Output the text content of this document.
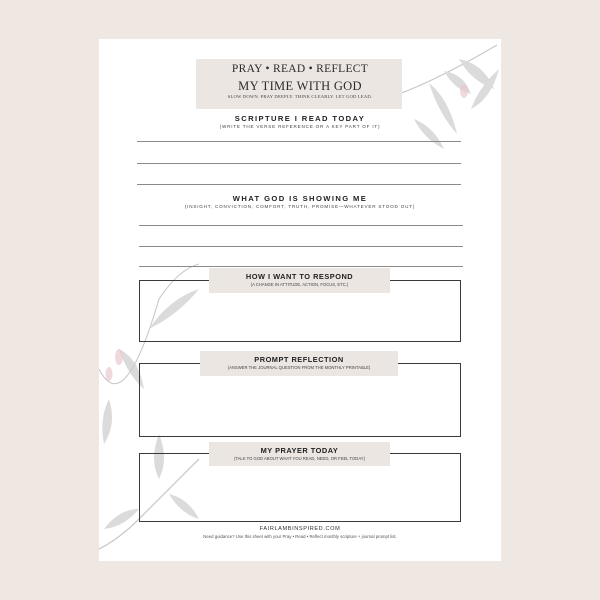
PRAY • READ • REFLECT
MY TIME WITH GOD
SLOW DOWN. PRAY DEEPLY. THINK CLEARLY. LET GOD LEAD.
SCRIPTURE I READ TODAY
(WRITE THE VERSE REFERENCE OR A KEY PART OF IT)
WHAT GOD IS SHOWING ME
(INSIGHT, CONVICTION, COMFORT, TRUTH, PROMISE—WHATEVER STOOD OUT)
HOW I WANT TO RESPOND
(A CHANGE IN ATTITUDE, ACTION, FOCUS, ETC.)
PROMPT REFLECTION
(ANSWER THE JOURNAL QUESTION FROM THE MONTHLY PRINTABLE)
MY PRAYER TODAY
(TALK TO GOD ABOUT WHAT YOU READ, NEED, OR FEEL TODAY)
FAIRLAMBINSPIRED.COM
Need guidance? Use this sheet with your Pray • Read • Reflect monthly scripture + journal prompt list.
